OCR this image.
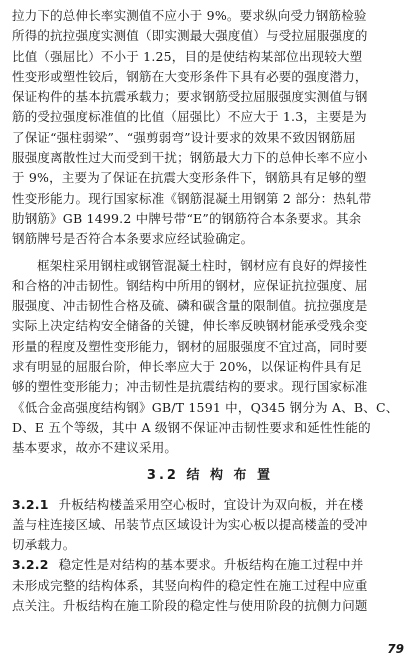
拉力下的总伸长率实测值不应小于 9%。要求纵向受力钢筋检验
所得的抗拉强度实测值（即实测最大强度值）与受拉屈服强度的
比值（强屈比）不小于 1.25，目的是使结构某部位出现较大塑
性变形或塑性铰后，钢筋在大变形条件下具有必要的强度潜力，
保证构件的基本抗震承载力；要求钢筋受拉屈服强度实测值与钢
筋的受拉强度标准值的比值（屈强比）不应大于 1.3，主要是为
了保证“强柱弱梁”、“强剪弱弯”设计要求的效果不致因钢筋屈
服强度离散性过大而受到干扰；钢筋最大力下的总伸长率不应小
于 9%，主要为了保证在抗震大变形条件下，钢筋具有足够的塑
性变形能力。现行国家标准《钢筋混凝土用钢第 2 部分：热轧带
肋钢筋》GB 1499.2 中牌号带“E”的钢筋符合本条要求。其余
钢筋牌号是否符合本条要求应经试验确定。
框架柱采用钢柱或钢管混凝土柱时，钢材应有良好的焊接性
和合格的冲击韧性。钢结构中所用的钢材，应保证抗拉强度、屈
服强度、冲击韧性合格及硫、磷和碳含量的限制值。抗拉强度是
实际上决定结构安全储备的关键，伸长率反映钢材能承受残余变
形量的程度及塑性变形能力，钢材的屈服强度不宜过高，同时要
求有明显的屈服台阶，伸长率应大于 20%，以保证构件具有足
够的塑性变形能力；冲击韧性是抗震结构的要求。现行国家标准
《低合金高强度结构钢》GB/T 1591 中，Q345 钢分为 A、B、C、
D、E 五个等级，其中 A 级钢不保证冲击韧性要求和延性性能的
基本要求，故亦不建议采用。
3.2 结 构 布 置
3.2.1 升板结构楼盖采用空心板时，宜设计为双向板，并在楼
盖与柱连接区域、吊装节点区域设计为实心板以提高楼盖的受冲
切承载力。
3.2.2 稳定性是对结构的基本要求。升板结构在施工过程中并
未形成完整的结构体系，其竖向构件的稳定性在施工过程中应重
点关注。升板结构在施工阶段的稳定性与使用阶段的抗侧力问题
79
